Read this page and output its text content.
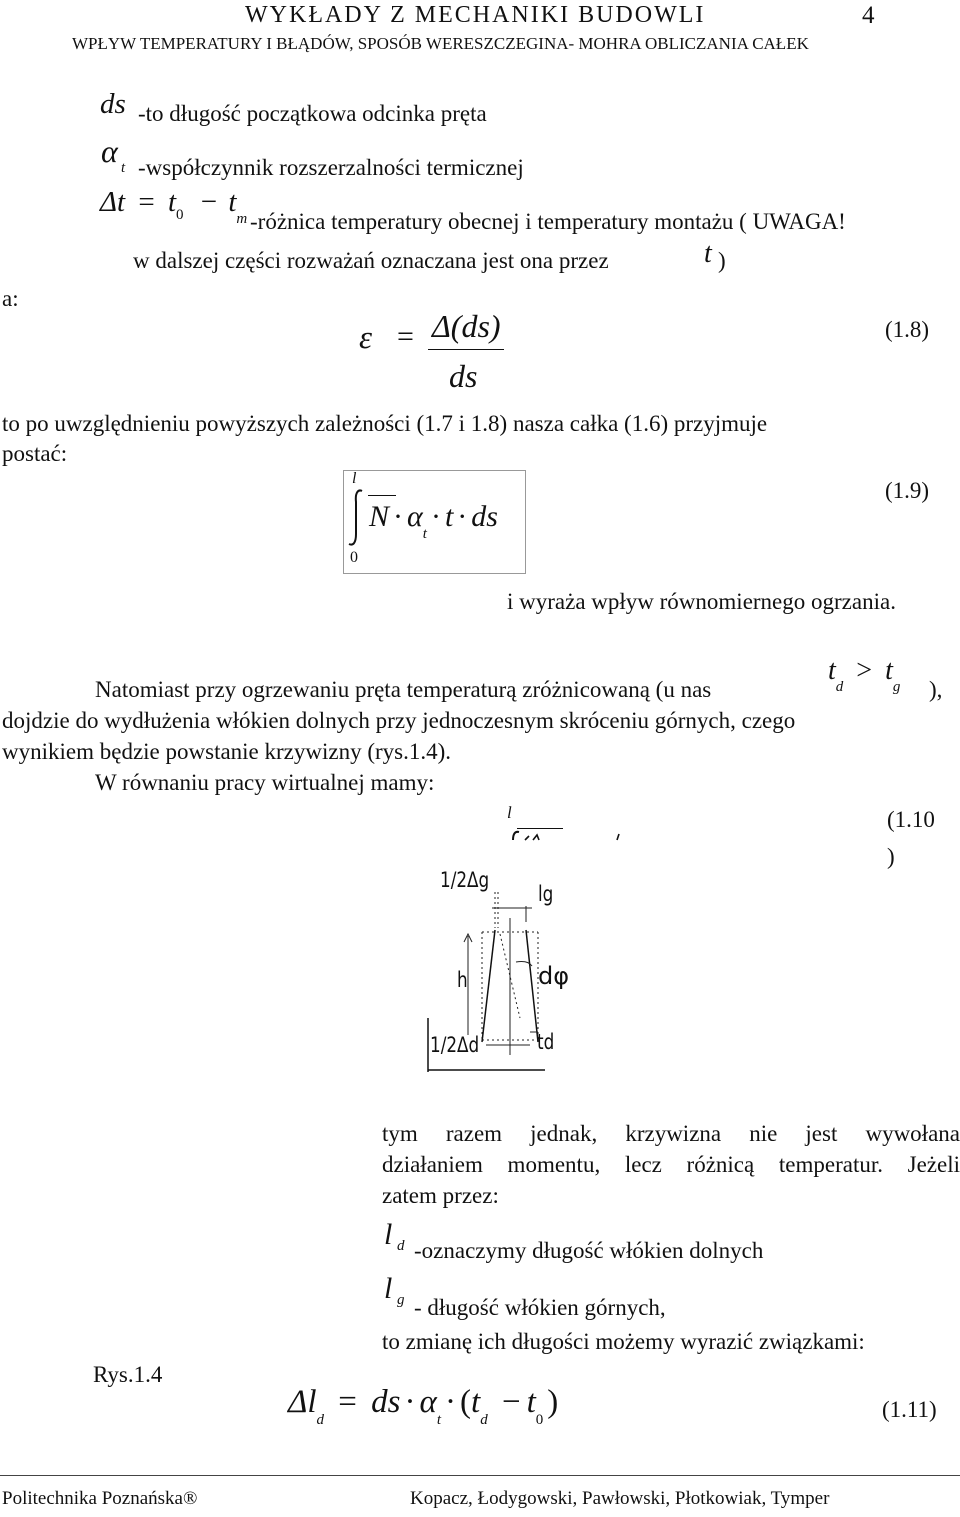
WYKŁADY Z MECHANIKI BUDOWLI	4
WPŁYW TEMPERATURY I BŁĄDÓW, SPOSÓB WERESZCZEGINA- MOHRA OBLICZANIA CAŁEK
ds -to długość początkowa odcinka pręta
α t -współczynnik rozszerzalności termicznej
$\Delta t = t_0 - t_m$ -różnica temperatury obecnej i temperatury montażu ( UWAGA!
w dalszej części rozważań oznaczana jest ona przez	t )
a:
ε = Δ(ds)
ds
(1.8)
to po uwzględnieniu powyższych zależności (1.7 i 1.8) nasza całka (1.6) przyjmuje
postać:
l
0
$N \cdot \alpha_t\cdot t$ · ds
(1.9)
i wyraża wpływ równomiernego ogrzania.
Natomiast przy ogrzewaniu pręta temperaturą zróżnicowaną (u nas
$t_d > t_g$ ),
dojdzie do wydłużenia włókien dolnych przy jednoczesnym skróceniu górnych, czego
wynikiem będzie powstanie krzywizny (rys.1.4).
W równaniu pracy wirtualnej mamy:
l	(1.10
)
1/2Δg
lg
h	dφ
1/2Δd	td
tym razem jednak, krzywizna nie jest wywołana
działaniem momentu, lecz różnicą temperatur. Jeżeli
zatem przez:
l d -oznaczymy długość włókien dolnych
l g - długość włókien górnych,
to zmianę ich długości możemy wyrazić związkami:
Rys.1.4
$\Delta l_d$ = ds · $\alpha_t \cdot (t_d - t_0$ )	(1.11)
Politechnika Poznańska®	Kopacz, Łodygowski, Pawłowski, Płotkowiak, Tymper
